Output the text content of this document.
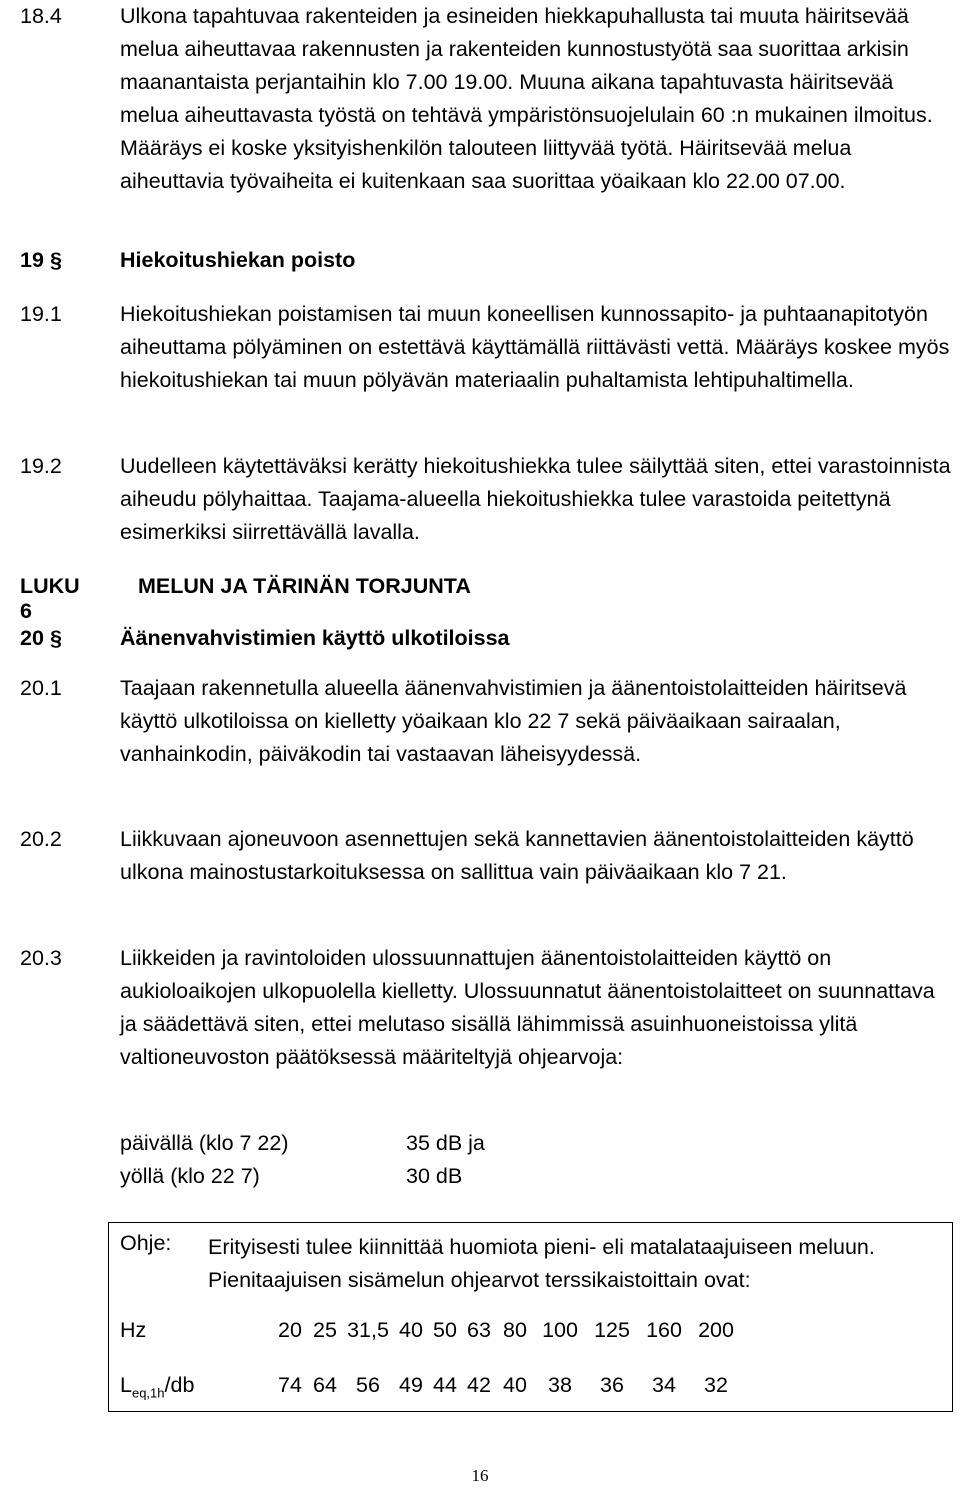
18.4	Ulkona tapahtuvaa rakenteiden ja esineiden hiekkapuhallusta tai muuta häiritsevää melua aiheuttavaa rakennusten ja rakenteiden kunnostustyötä saa suorittaa arkisin maanantaista perjantaihin klo 7.00 19.00. Muuna aikana tapahtuvasta häiritsevää melua aiheuttavasta työstä on tehtävä ympäristönsuojelulain 60 :n mukainen ilmoitus. Määräys ei koske yksityishenkilön talouteen liittyvää työtä. Häiritsevää melua aiheuttavia työvaiheita ei kuitenkaan saa suorittaa yöaikaan klo 22.00 07.00.
19 §	Hiekoitushiekan poisto
19.1	Hiekoitushiekan poistamisen tai muun koneellisen kunnossapito- ja puhtaanapitotyön aiheuttama pölyäminen on estettävä käyttämällä riittävästi vettä. Määräys koskee myös hiekoitushiekan tai muun pölyävän materiaalin puhaltamista lehtipuhaltimella.
19.2	Uudelleen käytettäväksi kerätty hiekoitushiekka tulee säilyttää siten, ettei varastoinnista aiheudu pölyhaittaa. Taajama-alueella hiekoitushiekka tulee varastoida peitettynä esimerkiksi siirrettävällä lavalla.
LUKU 6
MELUN JA TÄRINÄN TORJUNTA
20 §	Äänenvahvistimien käyttö ulkotiloissa
20.1	Taajaan rakennetulla alueella äänenvahvistimien ja äänentoistolaitteiden häiritsevä käyttö ulkotiloissa on kielletty yöaikaan klo 22 7 sekä päiväaikaan sairaalan, vanhainkodin, päiväkodin tai vastaavan läheisyydessä.
20.2	Liikkuvaan ajoneuvoon asennettujen sekä kannettavien äänentoistolaitteiden käyttö ulkona mainostustarkoituksessa on sallittua vain päiväaikaan klo 7 21.
20.3	Liikkeiden ja ravintoloiden ulossuunnattujen äänentoistolaitteiden käyttö on aukioloaikojen ulkopuolella kielletty. Ulossuunnatut äänentoistolaitteet on suunnattava ja säädettävä siten, ettei melutaso sisällä lähimmissä asuinhuoneistoissa ylitä valtioneuvoston päätöksessä määriteltyjä ohjearvoja:
päivällä (klo 7 22)	35 dB ja
yöllä (klo 22 7)	30 dB
Ohje: Erityisesti tulee kiinnittää huomiota pieni- eli matalataajuiseen meluun. Pienitaajuisen sisämelun ohjearvot terssikaistoittain ovat:
Hz	20 25 31,5 40 50 63 80 100 125 160 200
$L_{eq,1h}/db$	74 64 56 49 44 42 40 38	36	34	32
16
